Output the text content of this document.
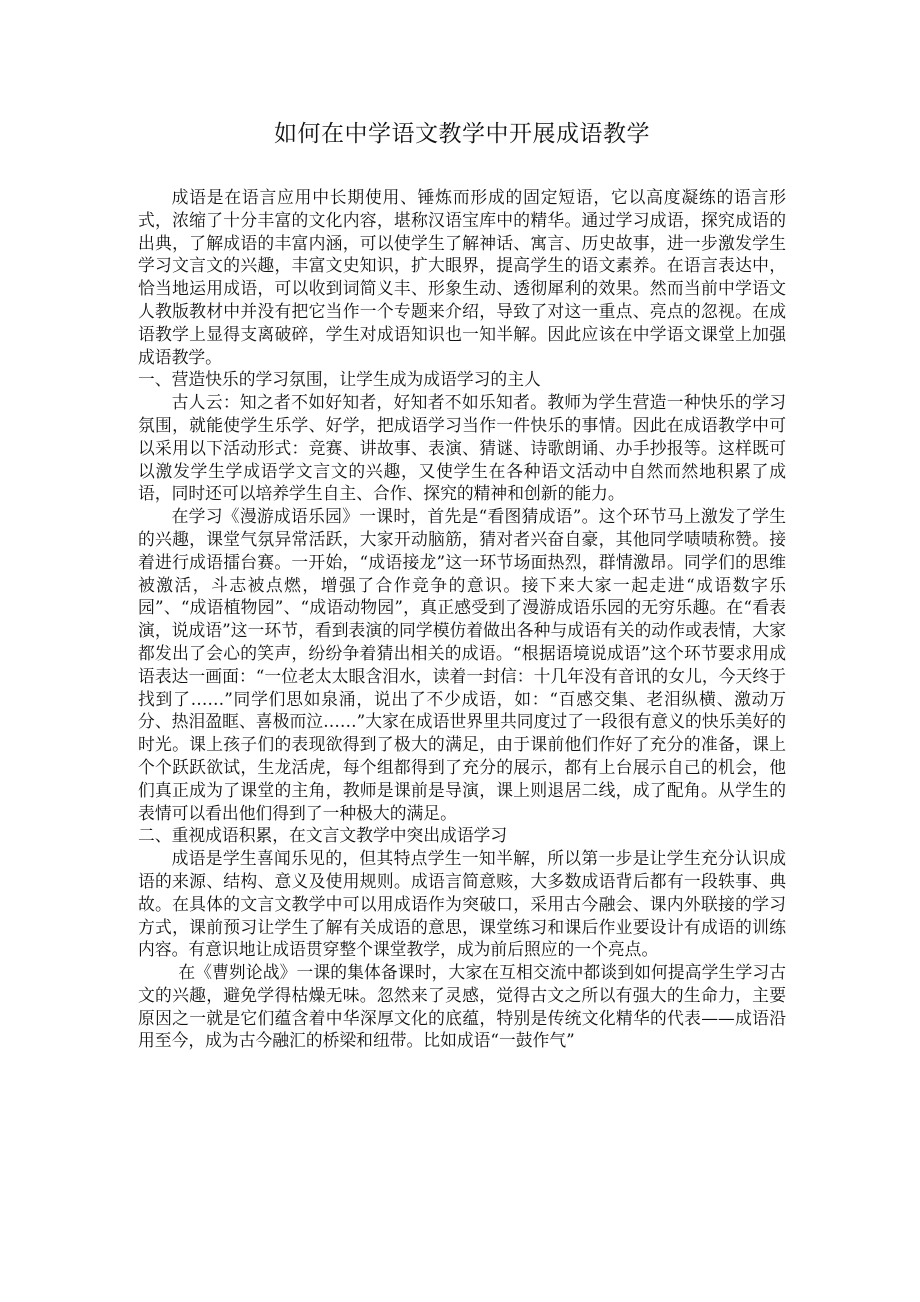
如何在中学语文教学中开展成语教学

成语是在语言应用中长期使用、锤炼而形成的固定短语，它以高度凝练的语言形式，浓缩了十分丰富的文化内容，堪称汉语宝库中的精华。通过学习成语，探究成语的出典，了解成语的丰富内涵，可以使学生了解神话、寓言、历史故事，进一步激发学生学习文言文的兴趣，丰富文史知识，扩大眼界，提高学生的语文素养。在语言表达中，恰当地运用成语，可以收到词简义丰、形象生动、透彻犀利的效果。然而当前中学语文人教版教材中并没有把它当作一个专题来介绍，导致了对这一重点、亮点的忽视。在成语教学上显得支离破碎，学生对成语知识也一知半解。因此应该在中学语文课堂上加强成语教学。

一、营造快乐的学习氛围，让学生成为成语学习的主人

古人云：知之者不如好知者，好知者不如乐知者。教师为学生营造一种快乐的学习氛围，就能使学生乐学、好学，把成语学习当作一件快乐的事情。因此在成语教学中可以采用以下活动形式：竞赛、讲故事、表演、猜谜、诗歌朗诵、办手抄报等。这样既可以激发学生学成语学文言文的兴趣，又使学生在各种语文活动中自然而然地积累了成语，同时还可以培养学生自主、合作、探究的精神和创新的能力。

在学习《漫游成语乐园》一课时，首先是“看图猜成语”。这个环节马上激发了学生的兴趣，课堂气氛异常活跃，大家开动脑筋，猜对者兴奋自豪，其他同学啧啧称赞。接着进行成语擂台赛。一开始，“成语接龙”这一环节场面热烈，群情激昂。同学们的思维被激活，斗志被点燃，增强了合作竞争的意识。接下来大家一起走进“成语数字乐园”、“成语植物园”、“成语动物园”，真正感受到了漫游成语乐园的无穷乐趣。在“看表演，说成语”这一环节，看到表演的同学模仿着做出各种与成语有关的动作或表情，大家都发出了会心的笑声，纷纷争着猜出相关的成语。“根据语境说成语”这个环节要求用成语表达一画面：“一位老太太眼含泪水，读着一封信：十几年没有音讯的女儿，今天终于找到了……”同学们思如泉涌，说出了不少成语，如：“百感交集、老泪纵横、激动万分、热泪盈眶、喜极而泣……”大家在成语世界里共同度过了一段很有意义的快乐美好的时光。课上孩子们的表现欲得到了极大的满足，由于课前他们作好了充分的准备，课上个个跃跃欲试，生龙活虎，每个组都得到了充分的展示，都有上台展示自己的机会，他们真正成为了课堂的主角，教师是课前是导演，课上则退居二线，成了配角。从学生的表情可以看出他们得到了一种极大的满足。

二、重视成语积累，在文言文教学中突出成语学习

成语是学生喜闻乐见的，但其特点学生一知半解，所以第一步是让学生充分认识成语的来源、结构、意义及使用规则。成语言简意赅，大多数成语背后都有一段轶事、典故。在具体的文言文教学中可以用成语作为突破口，采用古今融会、课内外联接的学习方式，课前预习让学生了解有关成语的意思，课堂练习和课后作业要设计有成语的训练内容。有意识地让成语贯穿整个课堂教学，成为前后照应的一个亮点。

在《曹刿论战》一课的集体备课时，大家在互相交流中都谈到如何提高学生学习古文的兴趣，避免学得枯燥无味。忽然来了灵感，觉得古文之所以有强大的生命力，主要原因之一就是它们蕴含着中华深厚文化的底蕴，特别是传统文化精华的代表——成语沿用至今，成为古今融汇的桥梁和纽带。比如成语“一鼓作气”
